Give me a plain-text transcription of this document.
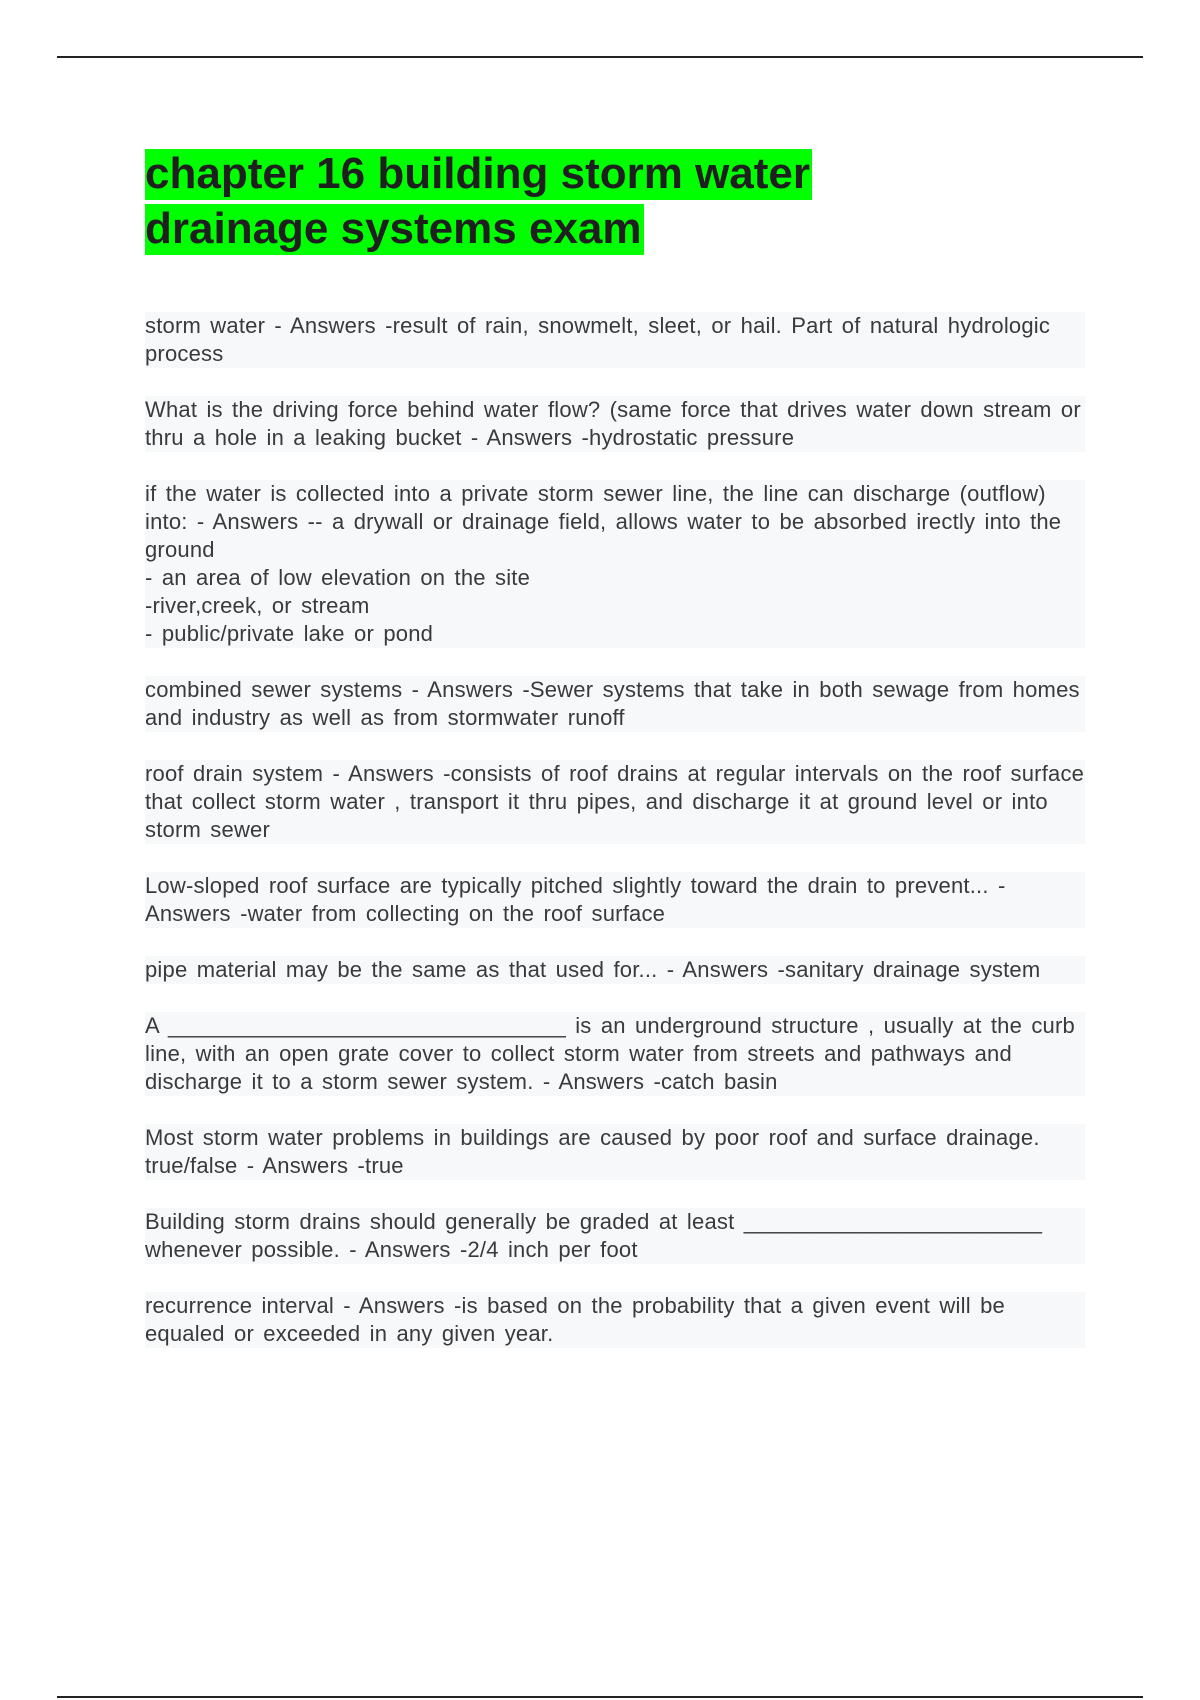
chapter 16 building storm water drainage systems exam

storm water - Answers -result of rain, snowmelt, sleet, or hail. Part of natural hydrologic process

What is the driving force behind water flow? (same force that drives water down stream or thru a hole in a leaking bucket - Answers -hydrostatic pressure

if the water is collected into a private storm sewer line, the line can discharge (outflow) into: - Answers -- a drywall or drainage field, allows water to be absorbed irectly into the ground
- an area of low elevation on the site
-river,creek, or stream
- public/private lake or pond

combined sewer systems - Answers -Sewer systems that take in both sewage from homes and industry as well as from stormwater runoff

roof drain system - Answers -consists of roof drains at regular intervals on the roof surface that collect storm water , transport it thru pipes, and discharge it at ground level or into storm sewer

Low-sloped roof surface are typically pitched slightly toward the drain to prevent... - Answers -water from collecting on the roof surface

pipe material may be the same as that used for... - Answers -sanitary drainage system

A ________________________________ is an underground structure , usually at the curb line, with an open grate cover to collect storm water from streets and pathways and discharge it to a storm sewer system. - Answers -catch basin

Most storm water problems in buildings are caused by poor roof and surface drainage.
true/false - Answers -true

Building storm drains should generally be graded at least ________________________ whenever possible. - Answers -2/4 inch per foot

recurrence interval - Answers -is based on the probability that a given event will be equaled or exceeded in any given year.
